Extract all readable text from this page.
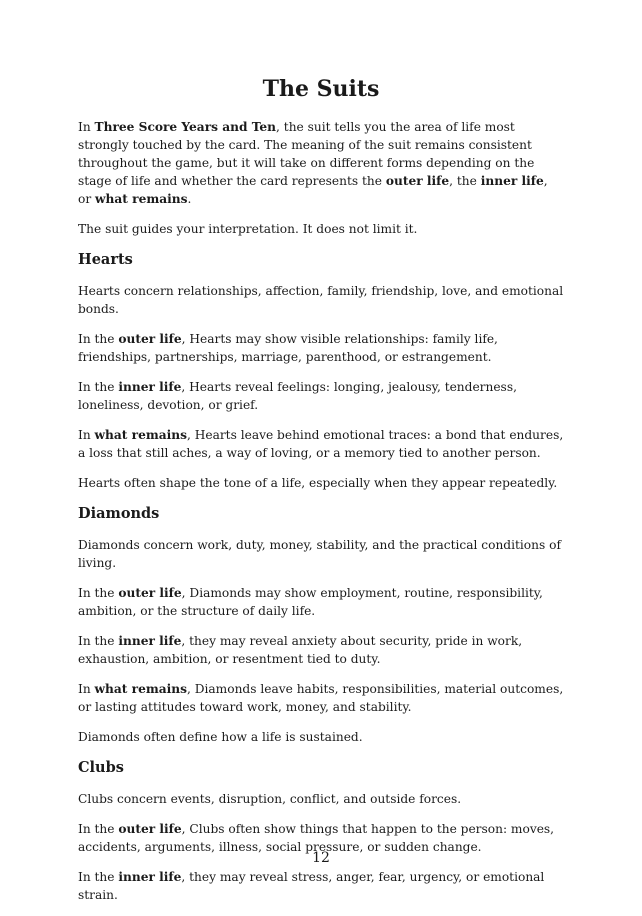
The Suits

In Three Score Years and Ten, the suit tells you the area of life most strongly touched by the card. The meaning of the suit remains consistent throughout the game, but it will take on different forms depending on the stage of life and whether the card represents the outer life, the inner life, or what remains.

The suit guides your interpretation. It does not limit it.

Hearts

Hearts concern relationships, affection, family, friendship, love, and emotional bonds.

In the outer life, Hearts may show visible relationships: family life, friendships, partnerships, marriage, parenthood, or estrangement.

In the inner life, Hearts reveal feelings: longing, jealousy, tenderness, loneliness, devotion, or grief.

In what remains, Hearts leave behind emotional traces: a bond that endures, a loss that still aches, a way of loving, or a memory tied to another person.

Hearts often shape the tone of a life, especially when they appear repeatedly.

Diamonds

Diamonds concern work, duty, money, stability, and the practical conditions of living.

In the outer life, Diamonds may show employment, routine, responsibility, ambition, or the structure of daily life.

In the inner life, they may reveal anxiety about security, pride in work, exhaustion, ambition, or resentment tied to duty.

In what remains, Diamonds leave habits, responsibilities, material outcomes, or lasting attitudes toward work, money, and stability.

Diamonds often define how a life is sustained.

Clubs

Clubs concern events, disruption, conflict, and outside forces.

In the outer life, Clubs often show things that happen to the person: moves, accidents, arguments, illness, social pressure, or sudden change.

In the inner life, they may reveal stress, anger, fear, urgency, or emotional strain.

12
